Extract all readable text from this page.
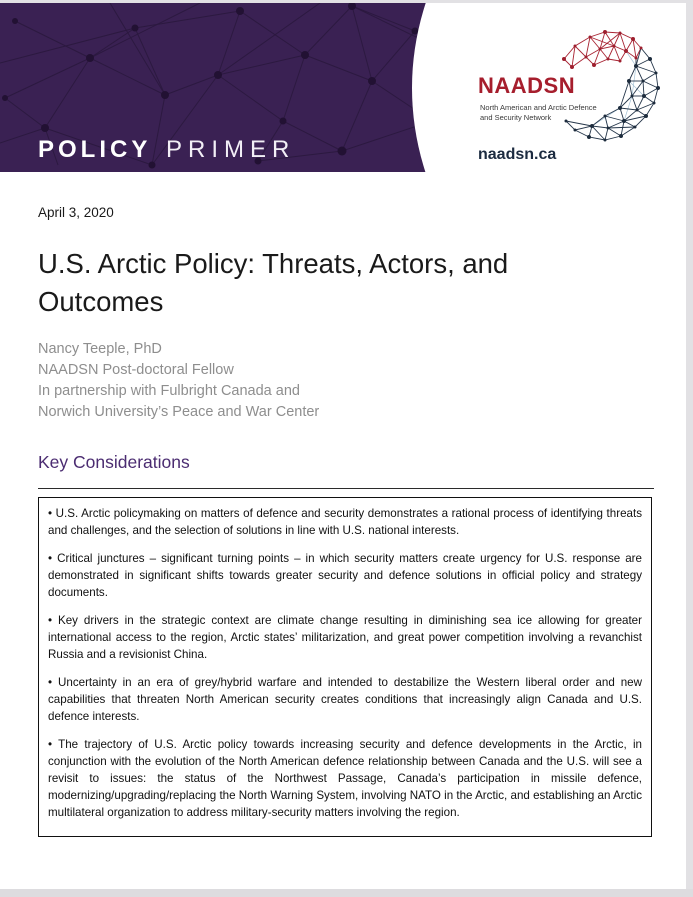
POLICY PRIMER
NAADSN
North American and Arctic Defence
and Security Network
naadsn.ca
April 3, 2020
U.S. Arctic Policy: Threats, Actors, and
Outcomes
Nancy Teeple, PhD
NAADSN Post-doctoral Fellow
In partnership with Fulbright Canada and
Norwich University’s Peace and War Center
Key Considerations

• U.S. Arctic policymaking on matters of defence and security demonstrates a rational process of identifying threats and challenges, and the selection of solutions in line with U.S. national interests.

• Critical junctures – significant turning points – in which security matters create urgency for U.S. response are demonstrated in significant shifts towards greater security and defence solutions in official policy and strategy documents.

• Key drivers in the strategic context are climate change resulting in diminishing sea ice allowing for greater international access to the region, Arctic states’ militarization, and great power competition involving a revanchist Russia and a revisionist China.

• Uncertainty in an era of grey/hybrid warfare and intended to destabilize the Western liberal order and new capabilities that threaten North American security creates conditions that increasingly align Canada and U.S. defence interests.

• The trajectory of U.S. Arctic policy towards increasing security and defence developments in the Arctic, in conjunction with the evolution of the North American defence relationship between Canada and the U.S. will see a revisit to issues: the status of the Northwest Passage, Canada’s participation in missile defence, modernizing/upgrading/replacing the North Warning System, involving NATO in the Arctic, and establishing an Arctic multilateral organization to address military-security matters involving the region.
